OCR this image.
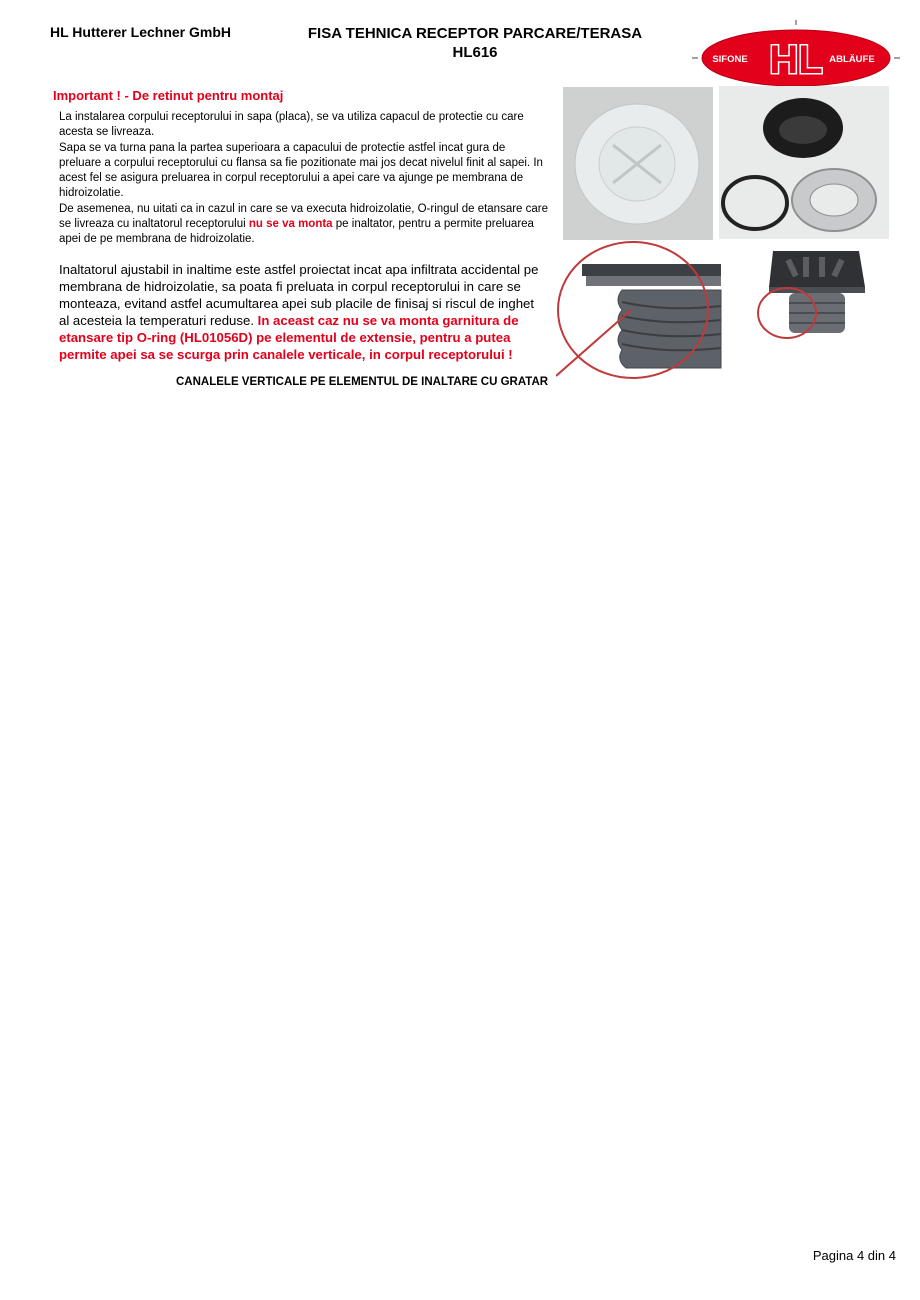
HL Hutterer Lechner GmbH	FISA TEHNICA RECEPTOR PARCARE/TERASA
HL616	SIFONE	ABLÄUFE
HL
Important ! - De retinut pentru montaj
La instalarea corpului receptorului in sapa (placa), se va utiliza capacul de protectie cu care acesta se livreaza.
Sapa se va turna pana la partea superioara a capacului de protectie astfel incat gura de preluare a corpului receptorului cu flansa sa fie pozitionate mai jos decat nivelul finit al sapei. In acest fel se asigura preluarea in corpul receptorului a apei care va ajunge pe membrana de hidroizolatie.
De asemenea, nu uitati ca in cazul in care se va executa hidroizolatie, O-ringul de etansare care se livreaza cu inaltatorul receptorului nu se va monta pe inaltator, pentru a permite preluarea apei de pe membrana de hidroizolatie.
Inaltatorul ajustabil in inaltime este astfel proiectat incat apa infiltrata accidental pe membrana de hidroizolatie, sa poata fi preluata in corpul receptorului in care se monteaza, evitand astfel acumultarea apei sub placile de finisaj si riscul de inghet al acesteia la temperaturi reduse. In aceast caz nu se va monta garnitura de etansare tip O-ring (HL01056D) pe elementul de extensie, pentru a putea permite apei sa se scurga prin canalele verticale, in corpul receptorului !
CANALELE VERTICALE PE ELEMENTUL DE INALTARE CU GRATAR
Pagina 4 din 4
